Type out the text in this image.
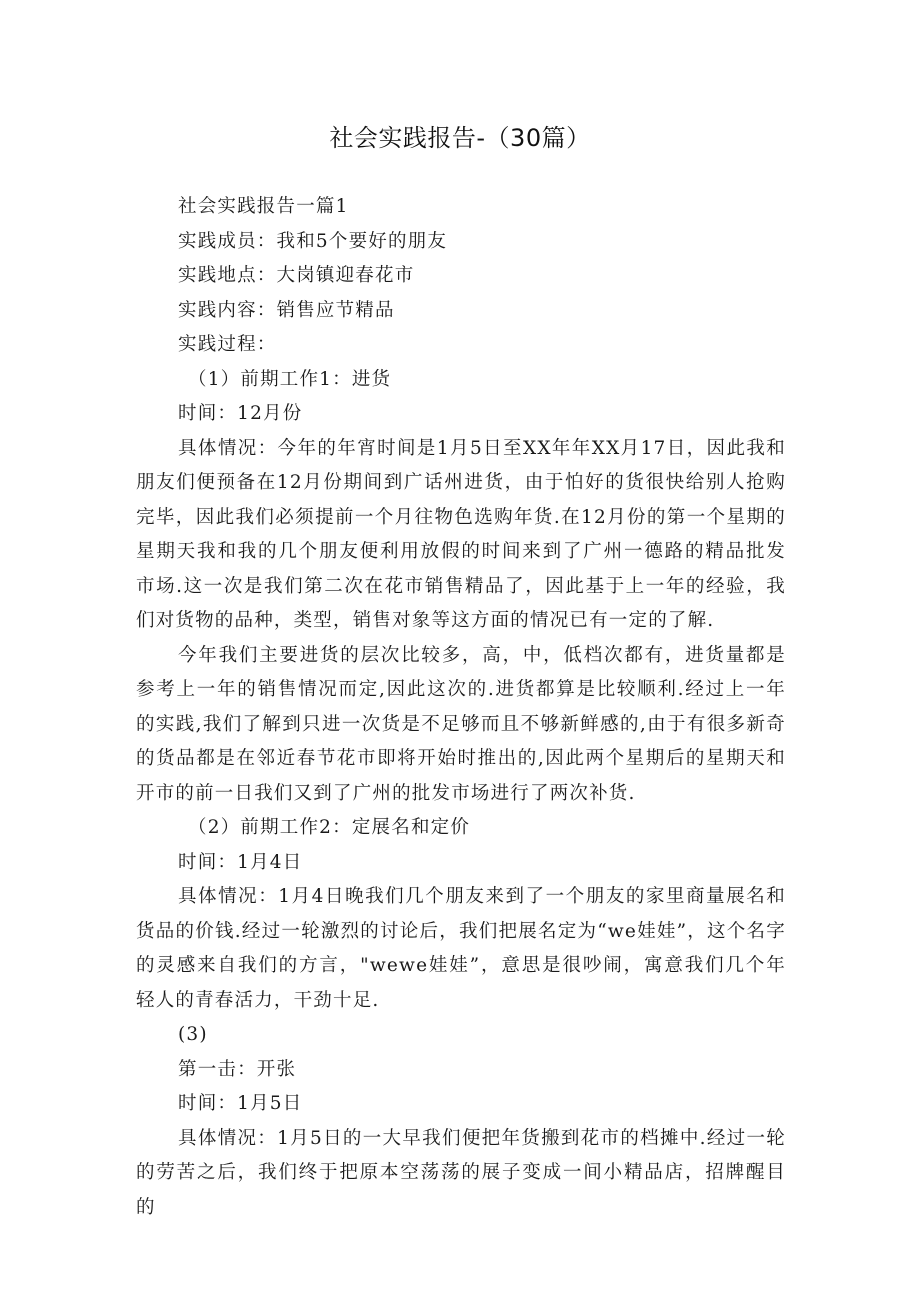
社会实践报告-（30篇）

社会实践报告一篇1

实践成员：我和5个要好的朋友

实践地点：大岗镇迎春花市

实践内容：销售应节精品

实践过程：

（1）前期工作1：进货

时间：12月份

具体情况：今年的年宵时间是1月5日至XX年年XX月17日，因此我和朋友们便预备在12月份期间到广话州进货，由于怕好的货很快给别人抢购完毕，因此我们必须提前一个月往物色选购年货.在12月份的第一个星期的星期天我和我的几个朋友便利用放假的时间来到了广州一德路的精品批发市场.这一次是我们第二次在花市销售精品了，因此基于上一年的经验，我们对货物的品种，类型，销售对象等这方面的情况已有一定的了解.

今年我们主要进货的层次比较多，高，中，低档次都有，进货量都是参考上一年的销售情况而定,因此这次的.进货都算是比较顺利.经过上一年的实践,我们了解到只进一次货是不足够而且不够新鲜感的,由于有很多新奇的货品都是在邻近春节花市即将开始时推出的,因此两个星期后的星期天和开市的前一日我们又到了广州的批发市场进行了两次补货.

（2）前期工作2：定展名和定价

时间：1月4日

具体情况：1月4日晚我们几个朋友来到了一个朋友的家里商量展名和货品的价钱.经过一轮激烈的讨论后，我们把展名定为“we娃娃”，这个名字的灵感来自我们的方言，"wewe娃娃”，意思是很吵闹，寓意我们几个年轻人的青春活力，干劲十足.

(3)

第一击：开张

时间：1月5日

具体情况：1月5日的一大早我们便把年货搬到花市的档摊中.经过一轮的劳苦之后，我们终于把原本空荡荡的展子变成一间小精品店，招牌醒目的
